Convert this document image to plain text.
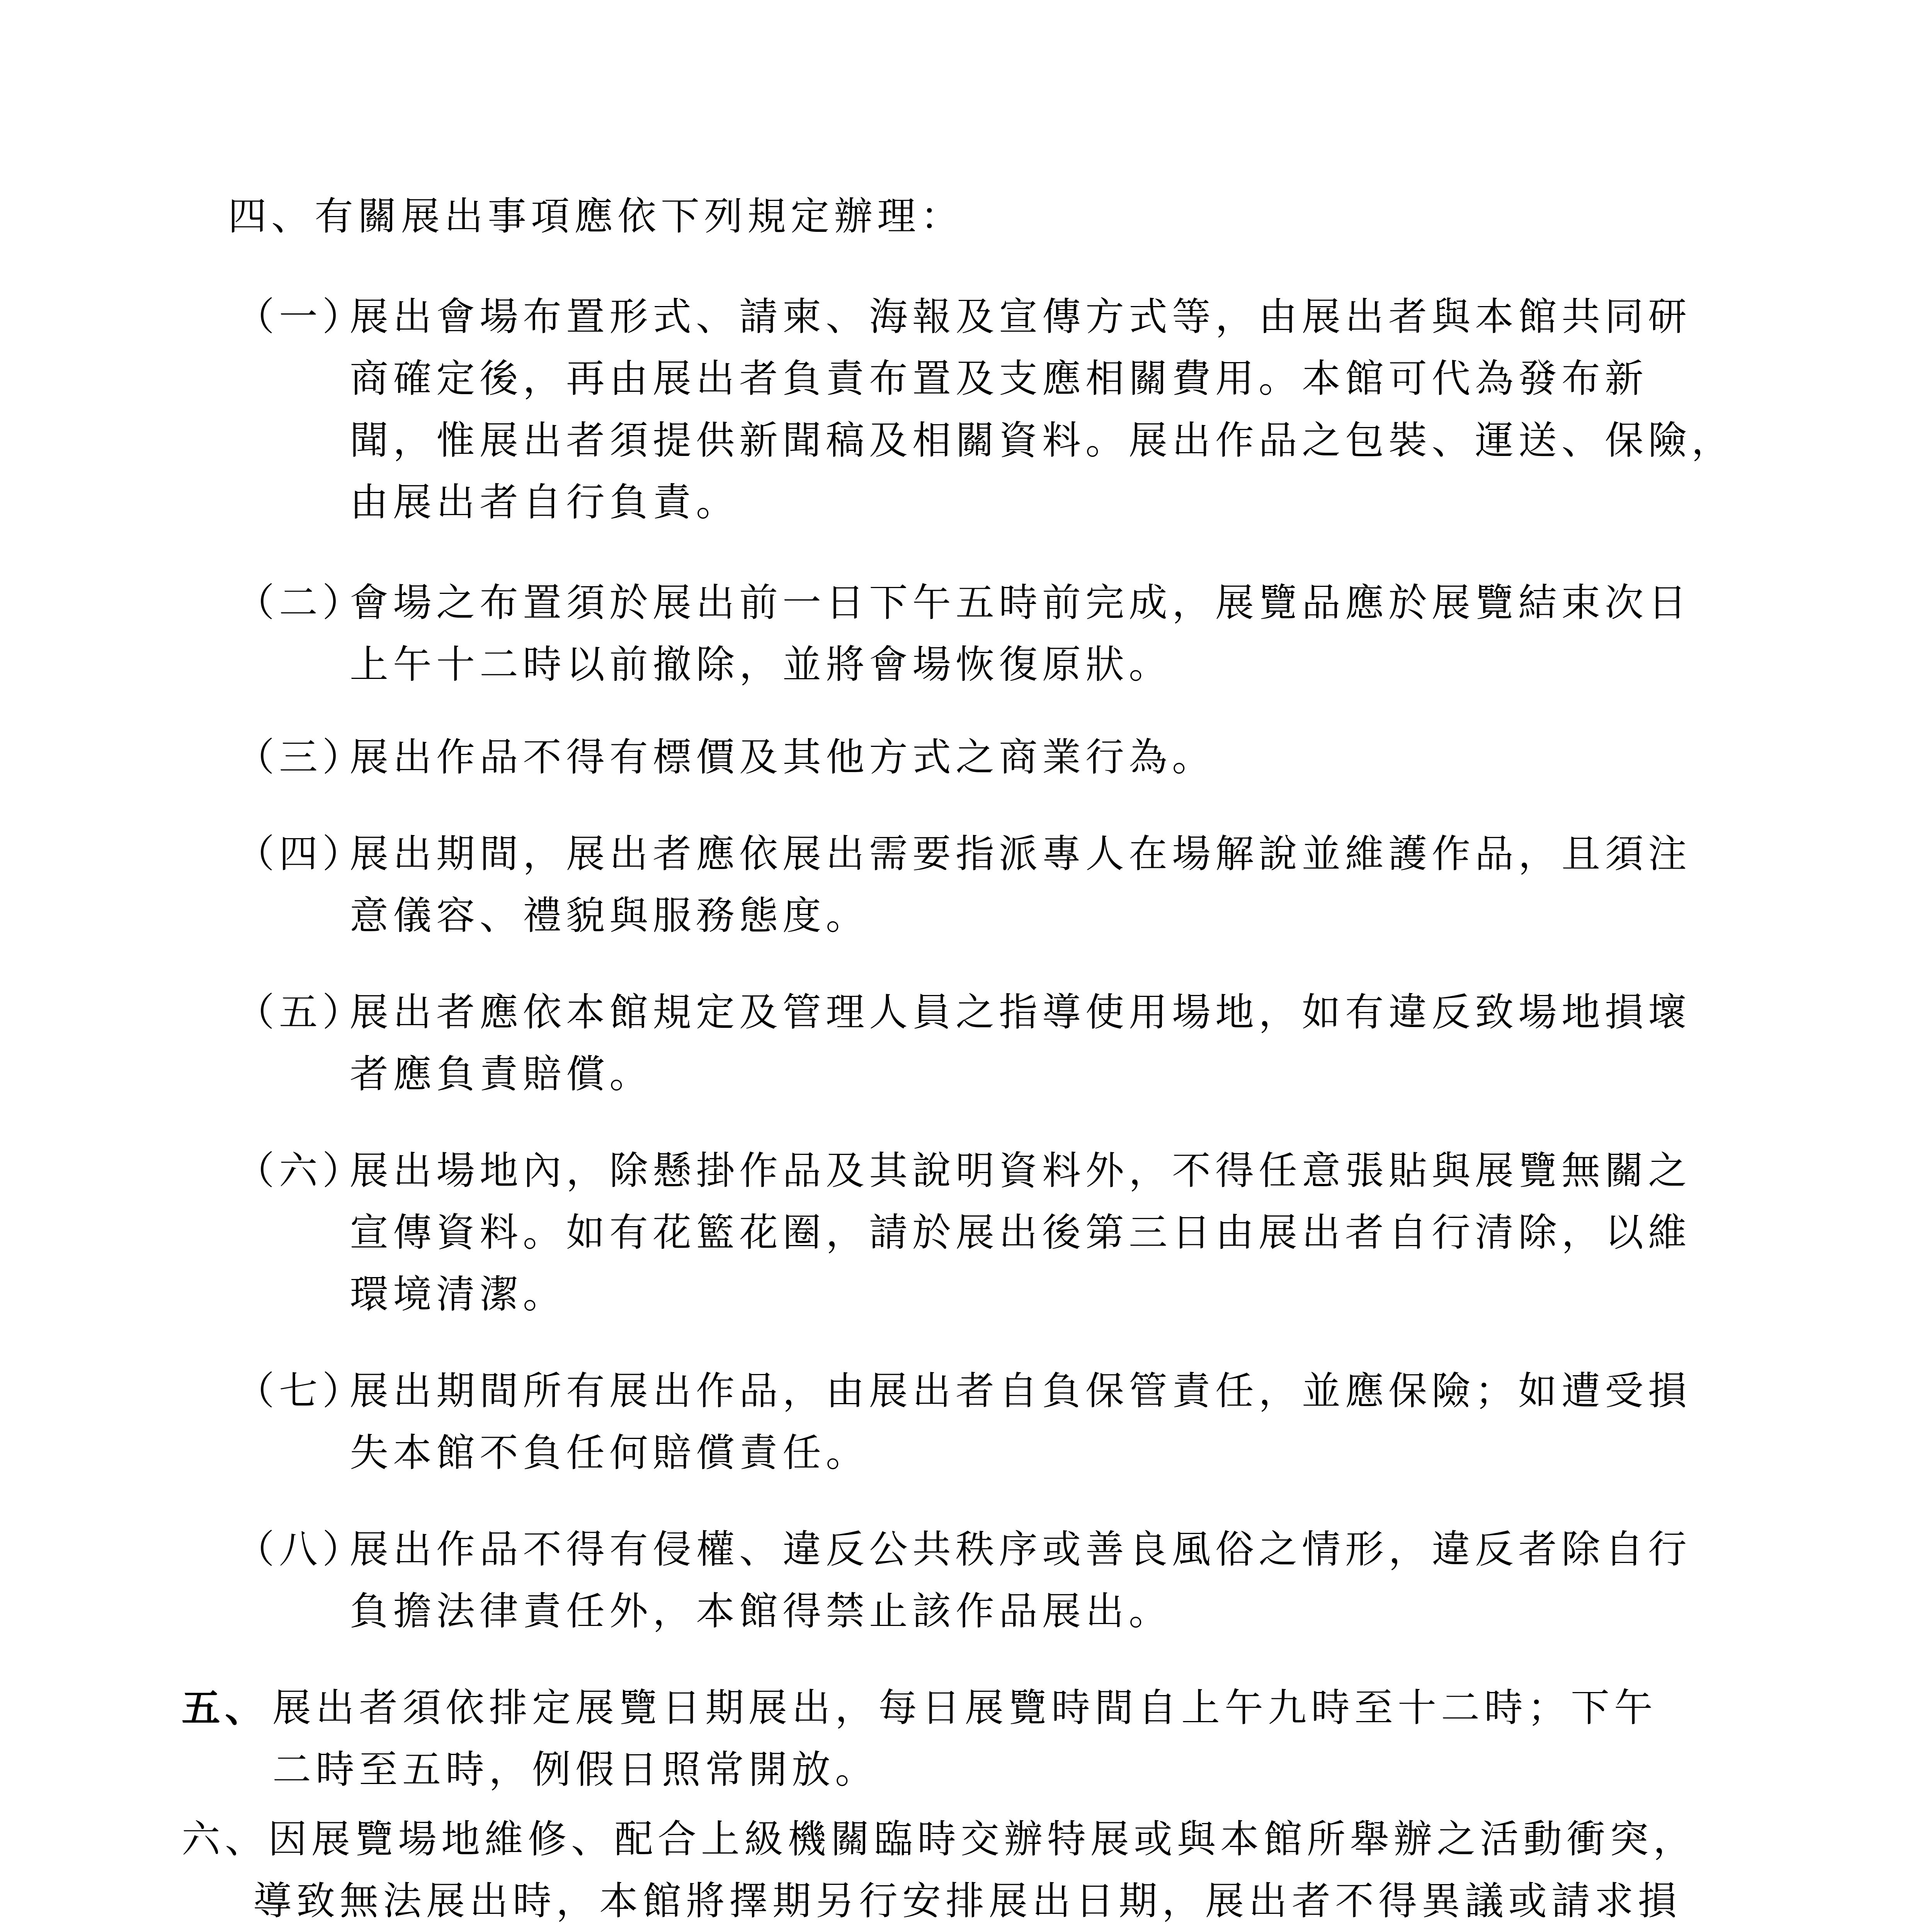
四、有關展出事項應依下列規定辦理：
（一）
展出會場布置形式、請柬、海報及宣傳方式等，由展出者與本館共同研
商確定後，再由展出者負責布置及支應相關費用。本館可代為發布新
聞，惟展出者須提供新聞稿及相關資料。展出作品之包裝、運送、保險，
由展出者自行負責。
（二）
會場之布置須於展出前一日下午五時前完成，展覽品應於展覽結束次日
上午十二時以前撤除，並將會場恢復原狀。
（三）
展出作品不得有標價及其他方式之商業行為。
（四）
展出期間，展出者應依展出需要指派專人在場解說並維護作品，且須注
意儀容、禮貌與服務態度。
（五）
展出者應依本館規定及管理人員之指導使用場地，如有違反致場地損壞
者應負責賠償。
（六）
展出場地內，除懸掛作品及其說明資料外，不得任意張貼與展覽無關之
宣傳資料。如有花籃花圈，請於展出後第三日由展出者自行清除，以維
環境清潔。
（七）
展出期間所有展出作品，由展出者自負保管責任，並應保險；如遭受損
失本館不負任何賠償責任。
（八）
展出作品不得有侵權、違反公共秩序或善良風俗之情形，違反者除自行
負擔法律責任外，本館得禁止該作品展出。
五、 展出者須依排定展覽日期展出，每日展覽時間自上午九時至十二時；下午
二時至五時，例假日照常開放。
六、因展覽場地維修、配合上級機關臨時交辦特展或與本館所舉辦之活動衝突，
導致無法展出時，本館將擇期另行安排展出日期，展出者不得異議或請求損
